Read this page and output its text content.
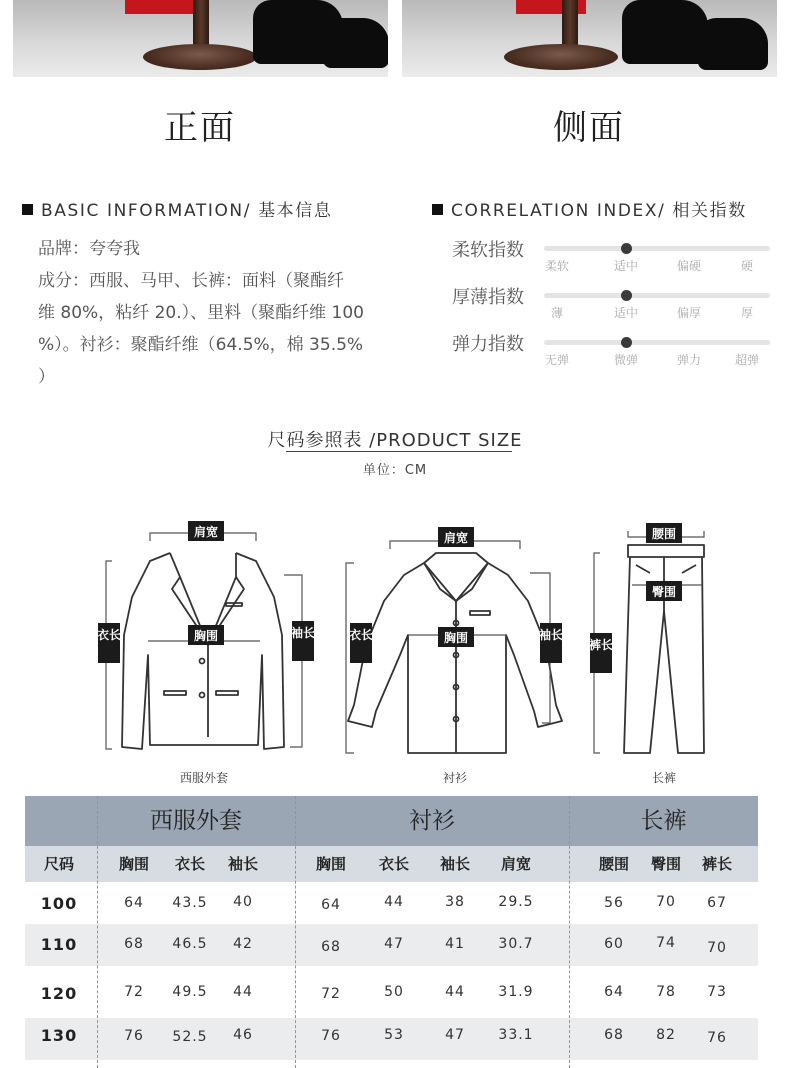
正面	侧面
BASIC INFORMATION/ 基本信息

品牌：夸夸我

成分：西服、马甲、长裤：面料（聚酯纤

维 80%，粘纤 20.）、里料（聚酯纤维 100

%）。衬衫：聚酯纤维（64.5%，棉 35.5%

）

CORRELATION INDEX/ 相关指数
柔软指数
柔软	适中	偏硬	硬
厚薄指数
薄	适中	偏厚	厚
弹力指数
无弹	微弹	弹力	超弹
尺码参照表 /PRODUCT SIZE
单位：CM
肩宽
衣长	胸围	袖长
肩宽
衣长	胸围	袖长
腰围
臀围
裤长
西服外套	衬衫	长裤
西服外套	衬衫	长裤
100	64	43.5	40	64	44	38	29.5	56	70	67
110	68	46.5	42	68	47	41	30.7	60	74	70
120	72	49.5	44	72	50	44	31.9	64	78	73
130	76	52.5	46	76	53	47	33.1	68	82	76
尺码	胸围	衣长	袖长	胸围	衣长	袖长	肩宽	腰围	臀围	裤长
